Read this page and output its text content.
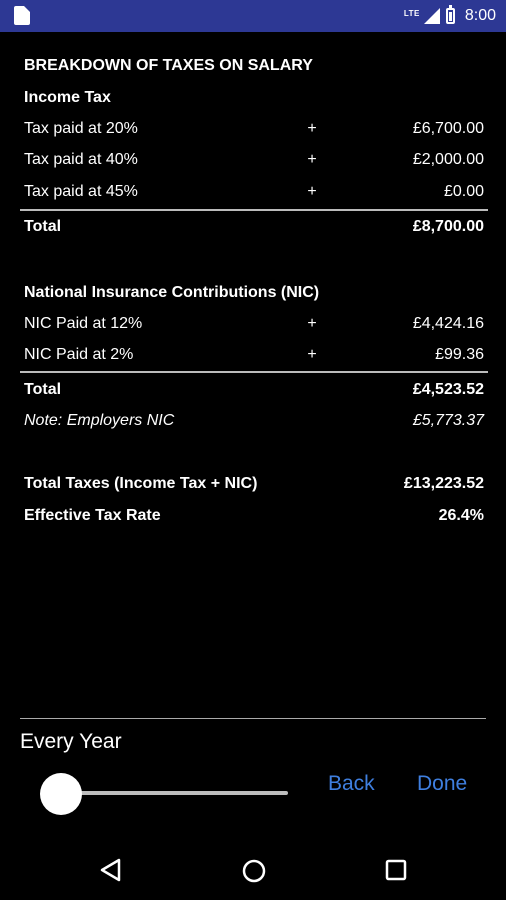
LTE	8:00
BREAKDOWN OF TAXES ON SALARY
Income Tax
Tax paid at 20%	+	£6,700.00
Tax paid at 40%	+	£2,000.00
Tax paid at 45%	+	£0.00
Total	£8,700.00
National Insurance Contributions (NIC)
NIC Paid at 12%	+	£4,424.16
NIC Paid at 2%	+	£99.36
Total	£4,523.52
Note: Employers NIC	£5,773.37
Total Taxes (Income Tax + NIC)	£13,223.52
Effective Tax Rate	26.4%
Every Year
Back Done
